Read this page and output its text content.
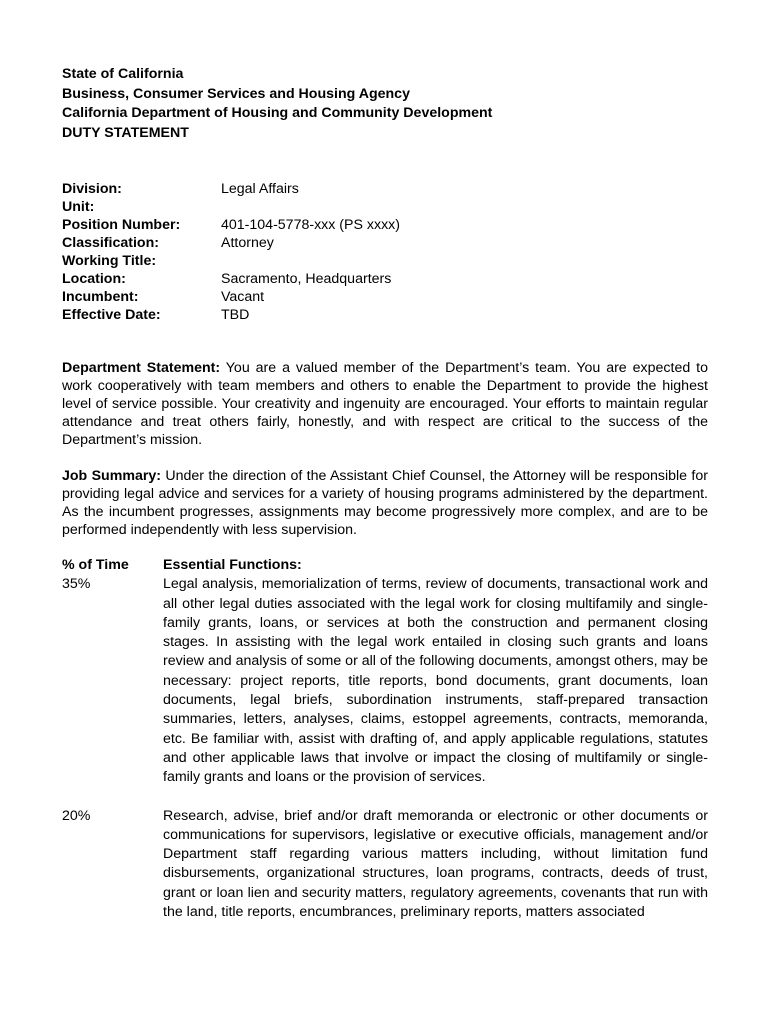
State of California
Business, Consumer Services and Housing Agency
California Department of Housing and Community Development
DUTY STATEMENT
Division:	Legal Affairs
Unit:
Position Number:	401-104-5778-xxx (PS xxxx)
Classification:	Attorney
Working Title:
Location:	Sacramento, Headquarters
Incumbent:	Vacant
Effective Date:	TBD
Department Statement: You are a valued member of the Department’s team. You are expected to work cooperatively with team members and others to enable the Department to provide the highest level of service possible. Your creativity and ingenuity are encouraged. Your efforts to maintain regular attendance and treat others fairly, honestly, and with respect are critical to the success of the Department’s mission.
Job Summary: Under the direction of the Assistant Chief Counsel, the Attorney will be responsible for providing legal advice and services for a variety of housing programs administered by the department. As the incumbent progresses, assignments may become progressively more complex, and are to be performed independently with less supervision.
% of Time	Essential Functions:
35%	Legal analysis, memorialization of terms, review of documents, transactional work and all other legal duties associated with the legal work for closing multifamily and single-family grants, loans, or services at both the construction and permanent closing stages. In assisting with the legal work entailed in closing such grants and loans review and analysis of some or all of the following documents, amongst others, may be necessary: project reports, title reports, bond documents, grant documents, loan documents, legal briefs, subordination instruments, staff-prepared transaction summaries, letters, analyses, claims, estoppel agreements, contracts, memoranda, etc. Be familiar with, assist with drafting of, and apply applicable regulations, statutes and other applicable laws that involve or impact the closing of multifamily or single-family grants and loans or the provision of services.
20%	Research, advise, brief and/or draft memoranda or electronic or other documents or communications for supervisors, legislative or executive officials, management and/or Department staff regarding various matters including, without limitation fund disbursements, organizational structures, loan programs, contracts, deeds of trust, grant or loan lien and security matters, regulatory agreements, covenants that run with the land, title reports, encumbrances, preliminary reports, matters associated
